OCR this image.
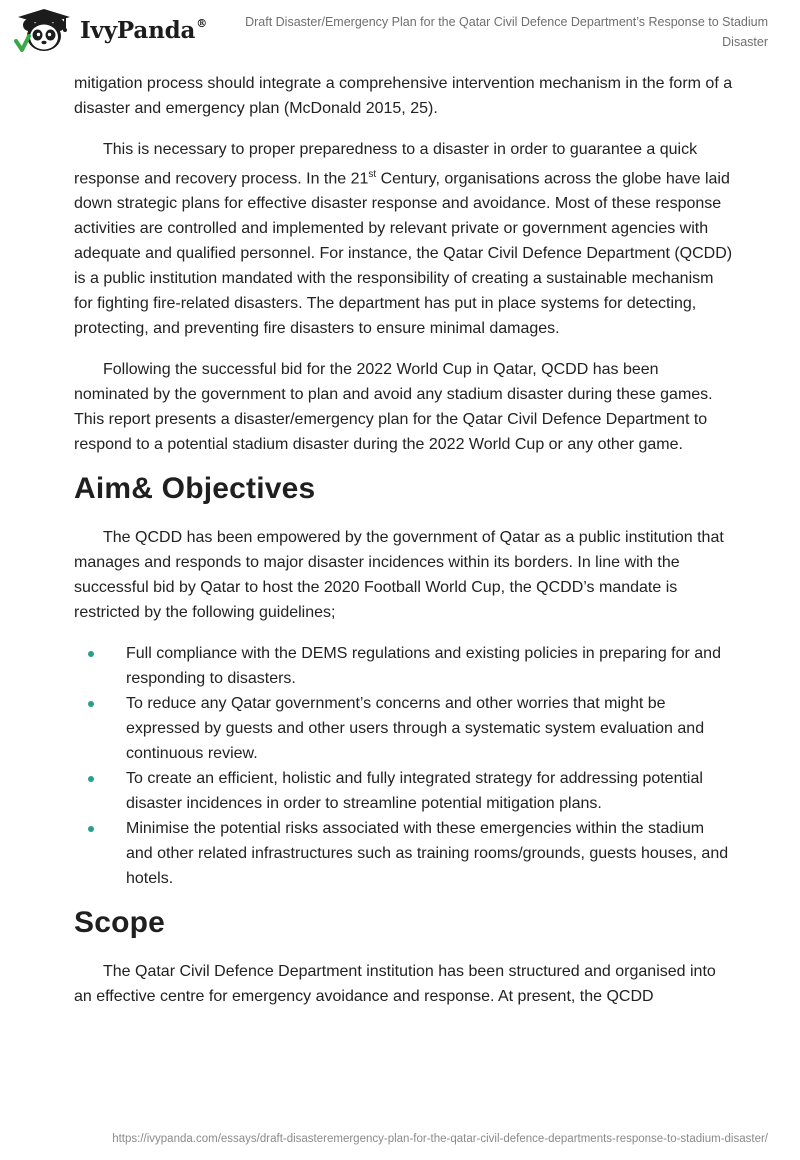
IvyPanda®	Draft Disaster/Emergency Plan for the Qatar Civil Defence Department’s Response to Stadium Disaster

mitigation process should integrate a comprehensive intervention mechanism in the form of a disaster and emergency plan (McDonald 2015, 25).

This is necessary to proper preparedness to a disaster in order to guarantee a quick response and recovery process. In the 21st Century, organisations across the globe have laid down strategic plans for effective disaster response and avoidance. Most of these response activities are controlled and implemented by relevant private or government agencies with adequate and qualified personnel. For instance, the Qatar Civil Defence Department (QCDD) is a public institution mandated with the responsibility of creating a sustainable mechanism for fighting fire-related disasters. The department has put in place systems for detecting, protecting, and preventing fire disasters to ensure minimal damages.

Following the successful bid for the 2022 World Cup in Qatar, QCDD has been nominated by the government to plan and avoid any stadium disaster during these games. This report presents a disaster/emergency plan for the Qatar Civil Defence Department to respond to a potential stadium disaster during the 2022 World Cup or any other game.

Aim& Objectives

The QCDD has been empowered by the government of Qatar as a public institution that manages and responds to major disaster incidences within its borders. In line with the successful bid by Qatar to host the 2020 Football World Cup, the QCDD’s mandate is restricted by the following guidelines;

Full compliance with the DEMS regulations and existing policies in preparing for and responding to disasters.
To reduce any Qatar government’s concerns and other worries that might be expressed by guests and other users through a systematic system evaluation and continuous review.
To create an efficient, holistic and fully integrated strategy for addressing potential disaster incidences in order to streamline potential mitigation plans.
Minimise the potential risks associated with these emergencies within the stadium and other related infrastructures such as training rooms/grounds, guests houses, and hotels.
Scope

The Qatar Civil Defence Department institution has been structured and organised into an effective centre for emergency avoidance and response. At present, the QCDD

https://ivypanda.com/essays/draft-disasteremergency-plan-for-the-qatar-civil-defence-departments-response-to-stadium-disaster/
